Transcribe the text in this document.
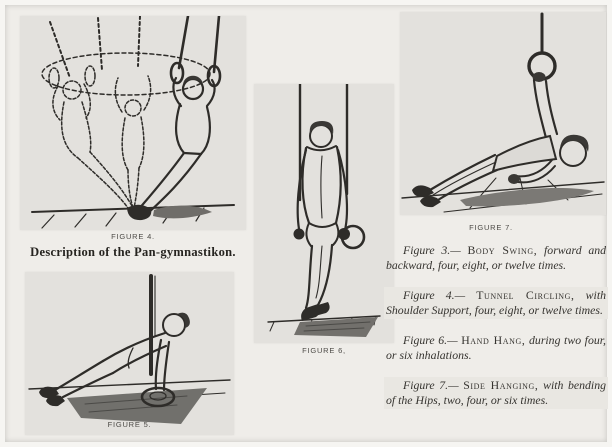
FIGURE 4.
Description of the Pan-gymnastikon.
FIGURE 5.
FIGURE 6,
FIGURE 7.

Figure 3.— Body Swing, forward and backward, four, eight, or twelve times.

Figure 4.— Tunnel Circling, with Shoulder Support, four, eight, or twelve times.

Figure 6.— Hand Hang, during two four, or six inhalations.

Figure 7.— Side Hanging, with bending of the Hips, two, four, or six times.
